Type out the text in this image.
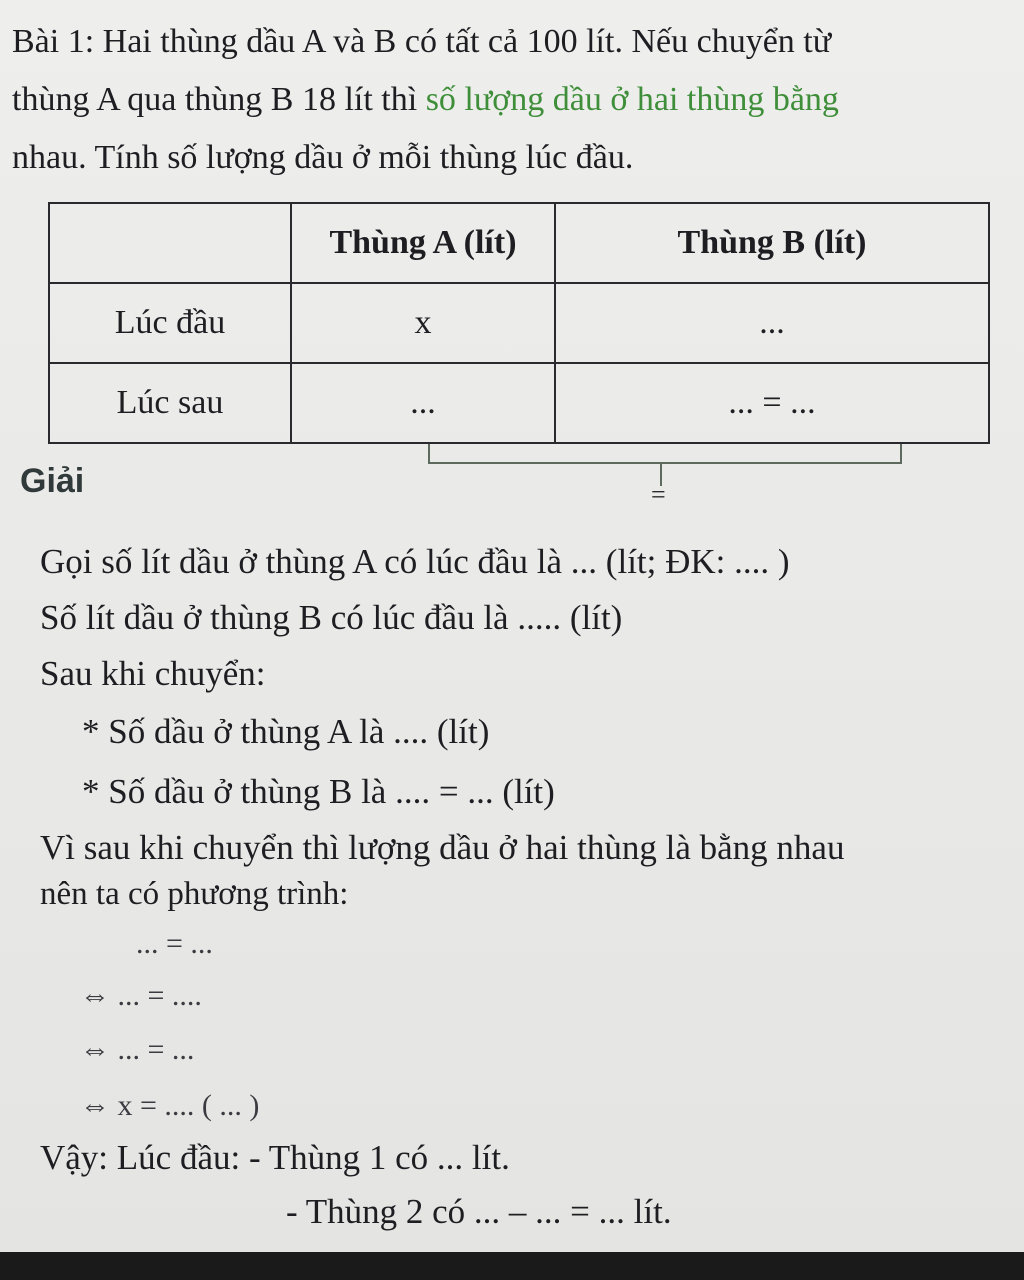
Bài 1: Hai thùng dầu A và B có tất cả 100 lít. Nếu chuyển từ
thùng A qua thùng B 18 lít thì số lượng dầu ở hai thùng bằng
nhau. Tính số lượng dầu ở mỗi thùng lúc đầu.
	Thùng A (lít)	Thùng B (lít)
Lúc đầu	x	...
Lúc sau	...	... = ...
Giải	=
Gọi số lít dầu ở thùng A có lúc đầu là ... (lít; ĐK: .... )
Số lít dầu ở thùng B có lúc đầu là ..... (lít)
Sau khi chuyển:
* Số dầu ở thùng A là .... (lít)
* Số dầu ở thùng B là .... = ... (lít)
Vì sau khi chuyển thì lượng dầu ở hai thùng là bằng nhau
nên ta có phương trình:
... = ...
⇔ ... = ....
⇔ ... = ...
⇔ x = .... ( ... )
Vậy: Lúc đầu: - Thùng 1 có ... lít.
- Thùng 2 có ... – ... = ... lít.
